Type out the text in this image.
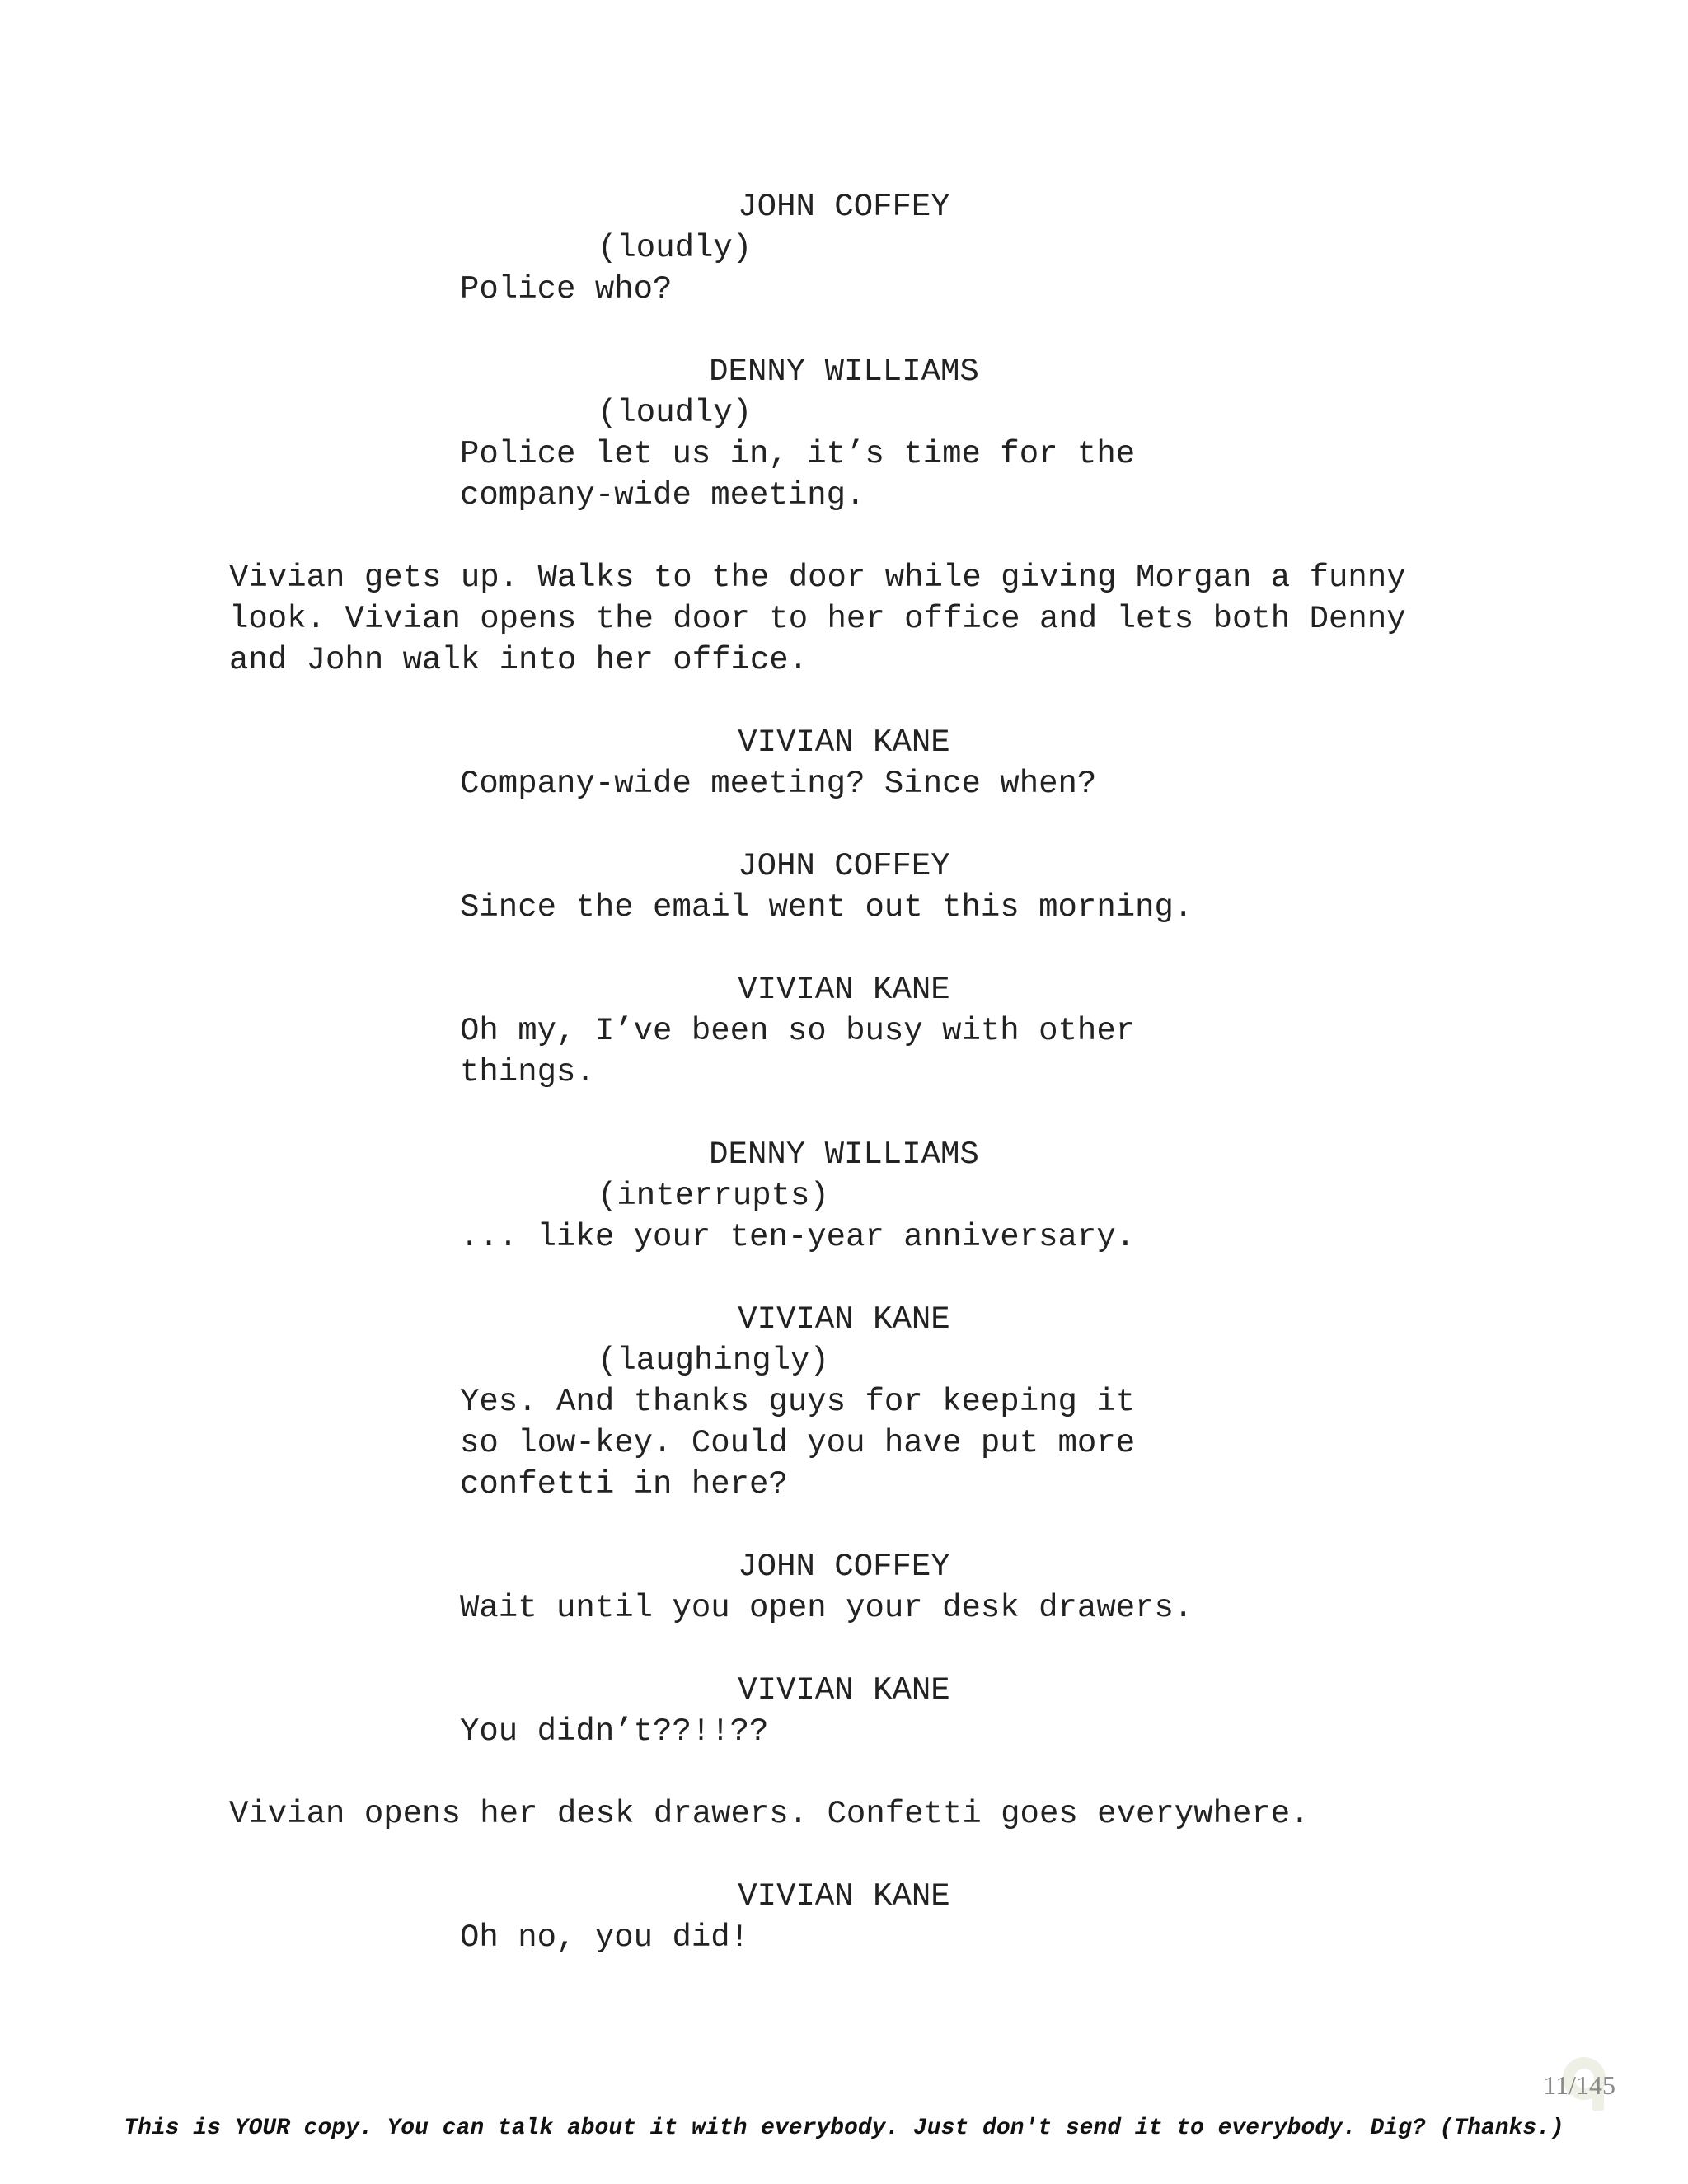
JOHN COFFEY

(loudly)

Police who?

DENNY WILLIAMS

(loudly)

Police let us in, it’s time for the

company-wide meeting.

Vivian gets up. Walks to the door while giving Morgan a funny

look. Vivian opens the door to her office and lets both Denny

and John walk into her office.

VIVIAN KANE

Company-wide meeting? Since when?

JOHN COFFEY

Since the email went out this morning.

VIVIAN KANE

Oh my, I’ve been so busy with other

things.

DENNY WILLIAMS

(interrupts)

... like your ten-year anniversary.

VIVIAN KANE

(laughingly)

Yes. And thanks guys for keeping it

so low-key. Could you have put more

confetti in here?

JOHN COFFEY

Wait until you open your desk drawers.

VIVIAN KANE

You didn’t??!!??

Vivian opens her desk drawers. Confetti goes everywhere.

VIVIAN KANE

Oh no, you did!

11/145
This is YOUR copy. You can talk about it with everybody. Just don't send it to everybody. Dig? (Thanks.)
